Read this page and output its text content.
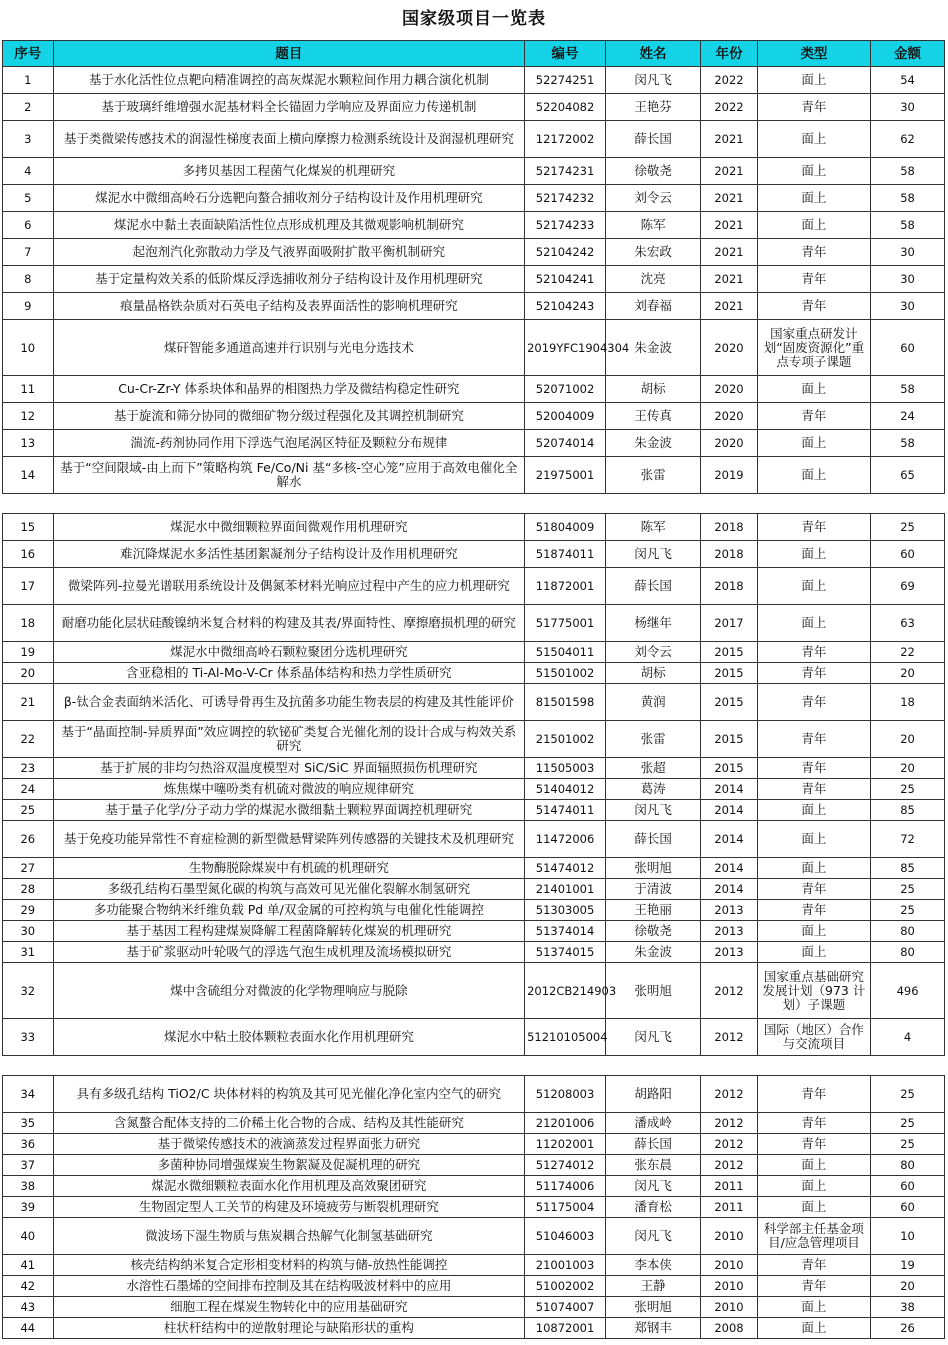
国家级项目一览表
序号	题目	编号	姓名	年份	类型	金额
1	基于水化活性位点靶向精准调控的高灰煤泥水颗粒间作用力耦合演化机制	52274251	闵凡飞	2022	面上	54
2	基于玻璃纤维增强水泥基材料全长锚固力学响应及界面应力传递机制	52204082	王艳芬	2022	青年	30
3	基于类微梁传感技术的润湿性梯度表面上横向摩擦力检测系统设计及润湿机理研究	12172002	薛长国	2021	面上	62
4	多拷贝基因工程菌气化煤炭的机理研究	52174231	徐敬尧	2021	面上	58
5	煤泥水中微细高岭石分选靶向螯合捕收剂分子结构设计及作用机理研究	52174232	刘令云	2021	面上	58
6	煤泥水中黏土表面缺陷活性位点形成机理及其微观影响机制研究	52174233	陈军	2021	面上	58
7	起泡剂汽化弥散动力学及气液界面吸附扩散平衡机制研究	52104242	朱宏政	2021	青年	30
8	基于定量构效关系的低阶煤反浮选捕收剂分子结构设计及作用机理研究	52104241	沈亮	2021	青年	30
9	痕量晶格铁杂质对石英电子结构及表界面活性的影响机理研究	52104243	刘春福	2021	青年	30
10	煤矸智能多通道高速并行识别与光电分选技术	2019YFC1904304	朱金波	2020	国家重点研发计划“固废资源化”重点专项子课题	60
11	Cu-Cr-Zr-Y 体系块体和晶界的相图热力学及微结构稳定性研究	52071002	胡标	2020	面上	58
12	基于旋流和筛分协同的微细矿物分级过程强化及其调控机制研究	52004009	王传真	2020	青年	24
13	湍流-药剂协同作用下浮选气泡尾涡区特征及颗粒分布规律	52074014	朱金波	2020	面上	58
14	基于“空间限域-由上而下”策略构筑 Fe/Co/Ni 基“多核-空心笼”应用于高效电催化全解水	21975001	张雷	2019	面上	65
15	煤泥水中微细颗粒界面间微观作用机理研究	51804009	陈军	2018	青年	25
16	难沉降煤泥水多活性基团絮凝剂分子结构设计及作用机理研究	51874011	闵凡飞	2018	面上	60
17	微梁阵列-拉曼光谱联用系统设计及偶氮苯材料光响应过程中产生的应力机理研究	11872001	薛长国	2018	面上	69
18	耐磨功能化层状硅酸镍纳米复合材料的构建及其表/界面特性、摩擦磨损机理的研究	51775001	杨继年	2017	面上	63
19	煤泥水中微细高岭石颗粒聚团分选机理研究	51504011	刘令云	2015	青年	22
20	含亚稳相的 Ti-Al-Mo-V-Cr 体系晶体结构和热力学性质研究	51501002	胡标	2015	青年	20
21	β-钛合金表面纳米活化、可诱导骨再生及抗菌多功能生物表层的构建及其性能评价	81501598	黄润	2015	青年	18
22	基于“晶面控制-异质界面”效应调控的软铋矿类复合光催化剂的设计合成与构效关系研究	21501002	张雷	2015	青年	20
23	基于扩展的非均匀热浴双温度模型对 SiC/SiC 界面辐照损伤机理研究	11505003	张超	2015	青年	20
24	炼焦煤中噻吩类有机硫对微波的响应规律研究	51404012	葛涛	2014	青年	25
25	基于量子化学/分子动力学的煤泥水微细黏土颗粒界面调控机理研究	51474011	闵凡飞	2014	面上	85
26	基于免疫功能异常性不育症检测的新型微悬臂梁阵列传感器的关键技术及机理研究	11472006	薛长国	2014	面上	72
27	生物酶脱除煤炭中有机硫的机理研究	51474012	张明旭	2014	面上	85
28	多级孔结构石墨型氮化碳的构筑与高效可见光催化裂解水制氢研究	21401001	于清波	2014	青年	25
29	多功能聚合物纳米纤维负载 Pd 单/双金属的可控构筑与电催化性能调控	51303005	王艳丽	2013	青年	25
30	基于基因工程构建煤炭降解工程菌降解转化煤炭的机理研究	51374014	徐敬尧	2013	面上	80
31	基于矿浆驱动叶轮吸气的浮选气泡生成机理及流场模拟研究	51374015	朱金波	2013	面上	80
32	煤中含硫组分对微波的化学物理响应与脱除	2012CB214903	张明旭	2012	国家重点基础研究发展计划（973 计划）子课题	496
33	煤泥水中粘土胶体颗粒表面水化作用机理研究	51210105004	闵凡飞	2012	国际（地区）合作与交流项目	4
34	具有多级孔结构 TiO2/C 块体材料的构筑及其可见光催化净化室内空气的研究	51208003	胡路阳	2012	青年	25
35	含氮螯合配体支持的二价稀土化合物的合成、结构及其性能研究	21201006	潘成岭	2012	青年	25
36	基于微梁传感技术的液滴蒸发过程界面张力研究	11202001	薛长国	2012	青年	25
37	多菌种协同增强煤炭生物絮凝及促凝机理的研究	51274012	张东晨	2012	面上	80
38	煤泥水微细颗粒表面水化作用机理及高效聚团研究	51174006	闵凡飞	2011	面上	60
39	生物固定型人工关节的构建及环境疲劳与断裂机理研究	51175004	潘育松	2011	面上	60
40	微波场下湿生物质与焦炭耦合热解气化制氢基础研究	51046003	闵凡飞	2010	科学部主任基金项目/应急管理项目	10
41	核壳结构纳米复合定形相变材料的构筑与储-放热性能调控	21001003	李本侠	2010	青年	19
42	水溶性石墨烯的空间排布控制及其在结构吸波材料中的应用	51002002	王静	2010	青年	20
43	细胞工程在煤炭生物转化中的应用基础研究	51074007	张明旭	2010	面上	38
44	柱状杆结构中的逆散射理论与缺陷形状的重构	10872001	郑钢丰	2008	面上	26
